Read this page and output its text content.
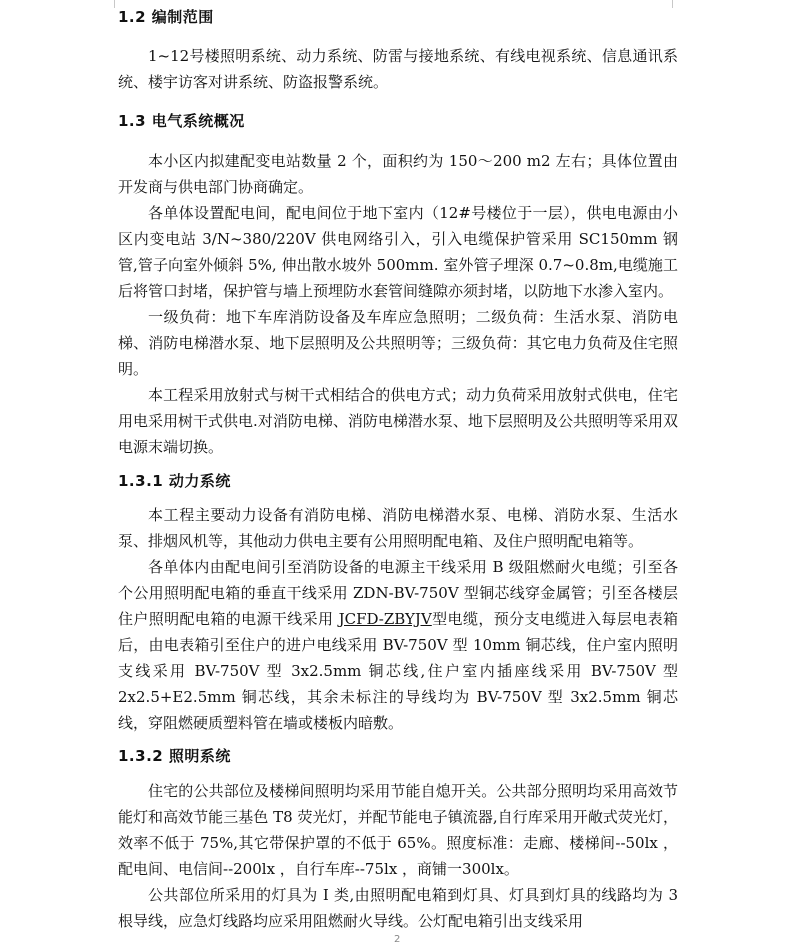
1.2 编制范围

1~12号楼照明系统、动力系统、防雷与接地系统、有线电视系统、信息通讯系统、楼宇访客对讲系统、防盗报警系统。

1.3 电气系统概况

本小区内拟建配变电站数量 2 个，面积约为 150～200 m2 左右；具体位置由开发商与供电部门协商确定。

各单体设置配电间，配电间位于地下室内（12#号楼位于一层），供电电源由小区内变电站 3/N~380/220V 供电网络引入，引入电缆保护管采用 SC150mm 钢管,管子向室外倾斜 5%, 伸出散水坡外 500mm. 室外管子埋深 0.7~0.8m,电缆施工后将管口封堵，保护管与墙上预埋防水套管间缝隙亦须封堵，以防地下水渗入室内。

一级负荷：地下车库消防设备及车库应急照明；二级负荷：生活水泵、消防电梯、消防电梯潜水泵、地下层照明及公共照明等；三级负荷：其它电力负荷及住宅照明。

本工程采用放射式与树干式相结合的供电方式；动力负荷采用放射式供电，住宅用电采用树干式供电.对消防电梯、消防电梯潜水泵、地下层照明及公共照明等采用双电源末端切换。

1.3.1 动力系统

本工程主要动力设备有消防电梯、消防电梯潜水泵、电梯、消防水泵、生活水泵、排烟风机等，其他动力供电主要有公用照明配电箱、及住户照明配电箱等。

各单体内由配电间引至消防设备的电源主干线采用 B 级阻燃耐火电缆；引至各个公用照明配电箱的垂直干线采用 ZDN-BV-750V 型铜芯线穿金属管；引至各楼层住户照明配电箱的电源干线采用 JCFD-ZBYJV型电缆，预分支电缆进入每层电表箱后，由电表箱引至住户的进户电线采用 BV-750V 型 10mm 铜芯线，住户室内照明支线采用 BV-750V 型 3x2.5mm 铜芯线,住户室内插座线采用 BV-750V 型 2x2.5+E2.5mm 铜芯线，其余未标注的导线均为 BV-750V 型 3x2.5mm 铜芯线，穿阻燃硬质塑料管在墙或楼板内暗敷。

1.3.2 照明系统

住宅的公共部位及楼梯间照明均采用节能自熄开关。公共部分照明均采用高效节能灯和高效节能三基色 T8 荧光灯，并配节能电子镇流器,自行库采用开敞式荧光灯，效率不低于 75%,其它带保护罩的不低于 65%。照度标准：走廊、楼梯间--50lx ，配电间、电信间--200lx ，自行车库--75lx ，商铺一300lx。

公共部位所采用的灯具为 I 类,由照明配电箱到灯具、灯具到灯具的线路均为 3 根导线，应急灯线路均应采用阻燃耐火导线。公灯配电箱引出支线采用

2
